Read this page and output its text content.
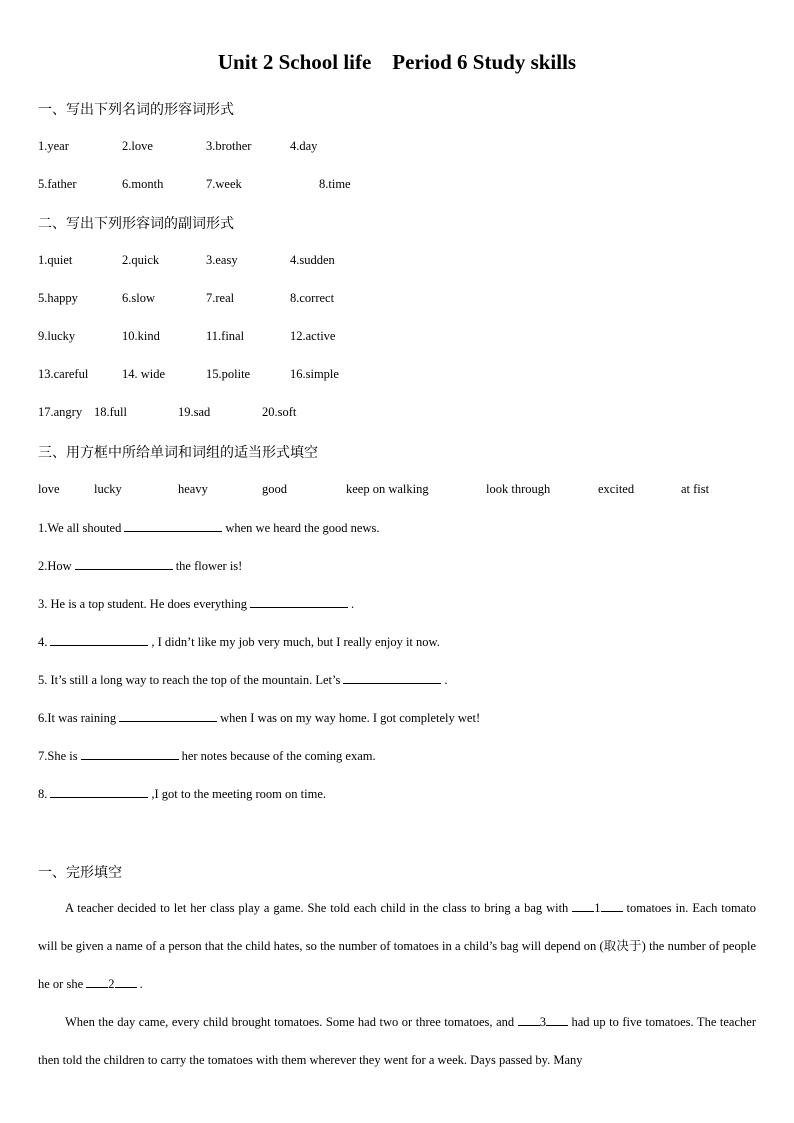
Unit 2 School life    Period 6 Study skills
一、写出下列名词的形容词形式
1.year	2.love	3.brother	4.day
5.father	6.month	7.week	8.time
二、写出下列形容词的副词形式
1.quiet	2.quick	3.easy	4.sudden
5.happy	6.slow	7.real	8.correct
9.lucky	10.kind	11.final	12.active
13.careful	14. wide	15.polite	16.simple
17.angry 18.full	19.sad	20.soft
三、用方框中所给单词和词组的适当形式填空
love	lucky	heavy	good	keep on walking	look through	excited	at fist
1.We all shouted	when we heard the good news.
2.How	the flower is!
3. He is a top student. He does everything	.
4.	, I didn’t like my job very much, but I really enjoy it now.
5. It’s still a long way to reach the top of the mountain. Let’s	.
6.It was raining	when I was on my way home. I got completely wet!
7.She is	her notes because of the coming exam.
8.	,I got to the meeting room on time.
一、完形填空
A teacher decided to let her class play a game. She told each child in the class to bring a bag with 1 tomatoes in. Each tomato will be given a name of a person that the child hates, so the number of tomatoes in a child’s bag will depend on (取决于) the number of people he or she 2 .
When the day came, every child brought tomatoes. Some had two or three tomatoes, and 3 had up to five tomatoes. The teacher then told the children to carry the tomatoes with them wherever they went for a week. Days passed by. Many
